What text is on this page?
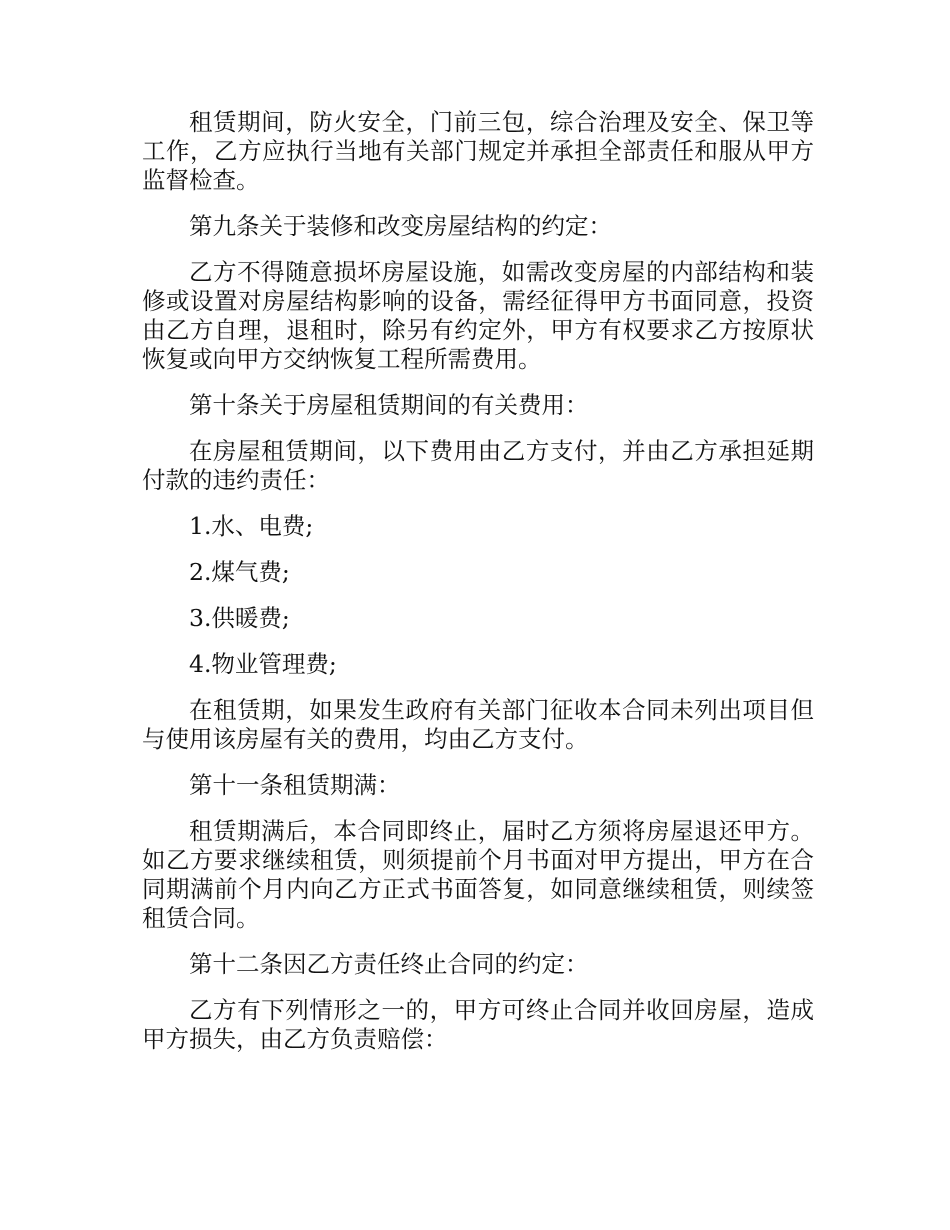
租赁期间，防火安全，门前三包，综合治理及安全、保卫等工作，乙方应执行当地有关部门规定并承担全部责任和服从甲方监督检查。

第九条关于装修和改变房屋结构的约定：

乙方不得随意损坏房屋设施，如需改变房屋的内部结构和装修或设置对房屋结构影响的设备，需经征得甲方书面同意，投资由乙方自理，退租时，除另有约定外，甲方有权要求乙方按原状恢复或向甲方交纳恢复工程所需费用。

第十条关于房屋租赁期间的有关费用：

在房屋租赁期间，以下费用由乙方支付，并由乙方承担延期付款的违约责任：

1.水、电费;

2.煤气费;

3.供暖费;

4.物业管理费;

在租赁期，如果发生政府有关部门征收本合同未列出项目但与使用该房屋有关的费用，均由乙方支付。

第十一条租赁期满：

租赁期满后，本合同即终止，届时乙方须将房屋退还甲方。如乙方要求继续租赁，则须提前个月书面对甲方提出，甲方在合同期满前个月内向乙方正式书面答复，如同意继续租赁，则续签租赁合同。

第十二条因乙方责任终止合同的约定：

乙方有下列情形之一的，甲方可终止合同并收回房屋，造成甲方损失，由乙方负责赔偿：
